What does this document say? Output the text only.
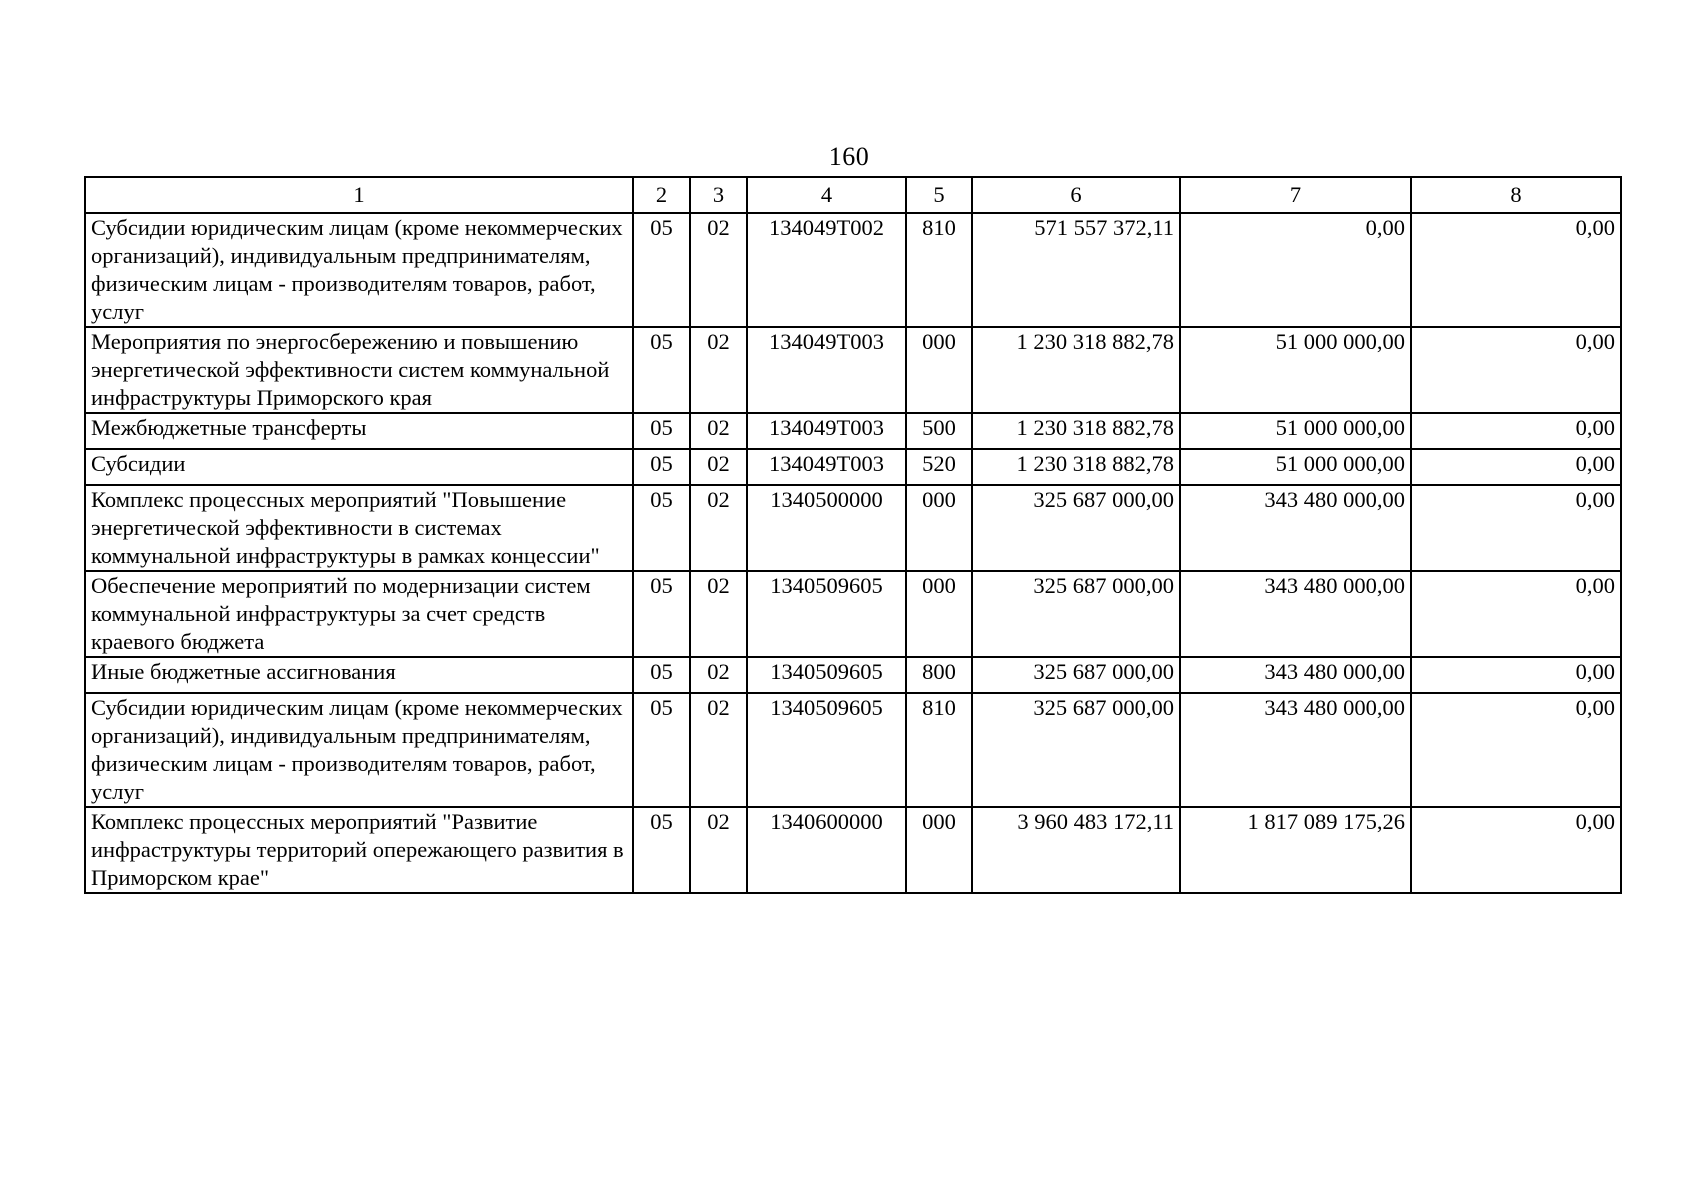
160
1	2	3	4	5	6	7	8
Субсидии юридическим лицам (кроме некоммерческих организаций), индивидуальным предпринимателям, физическим лицам - производителям товаров, работ, услуг	05	02	134049Т002	810	571 557 372,11	0,00	0,00
Мероприятия по энергосбережению и повышению энергетической эффективности систем коммунальной инфраструктуры Приморского края	05	02	134049Т003	000	1 230 318 882,78	51 000 000,00	0,00
Межбюджетные трансферты	05	02	134049Т003	500	1 230 318 882,78	51 000 000,00	0,00
Субсидии	05	02	134049Т003	520	1 230 318 882,78	51 000 000,00	0,00
Комплекс процессных мероприятий "Повышение энергетической эффективности в системах коммунальной инфраструктуры в рамках концессии"	05	02	1340500000	000	325 687 000,00	343 480 000,00	0,00
Обеспечение мероприятий по модернизации систем коммунальной инфраструктуры за счет средств краевого бюджета	05	02	1340509605	000	325 687 000,00	343 480 000,00	0,00
Иные бюджетные ассигнования	05	02	1340509605	800	325 687 000,00	343 480 000,00	0,00
Субсидии юридическим лицам (кроме некоммерческих организаций), индивидуальным предпринимателям, физическим лицам - производителям товаров, работ, услуг	05	02	1340509605	810	325 687 000,00	343 480 000,00	0,00
Комплекс процессных мероприятий "Развитие инфраструктуры территорий опережающего развития в Приморском крае"	05	02	1340600000	000	3 960 483 172,11	1 817 089 175,26	0,00
